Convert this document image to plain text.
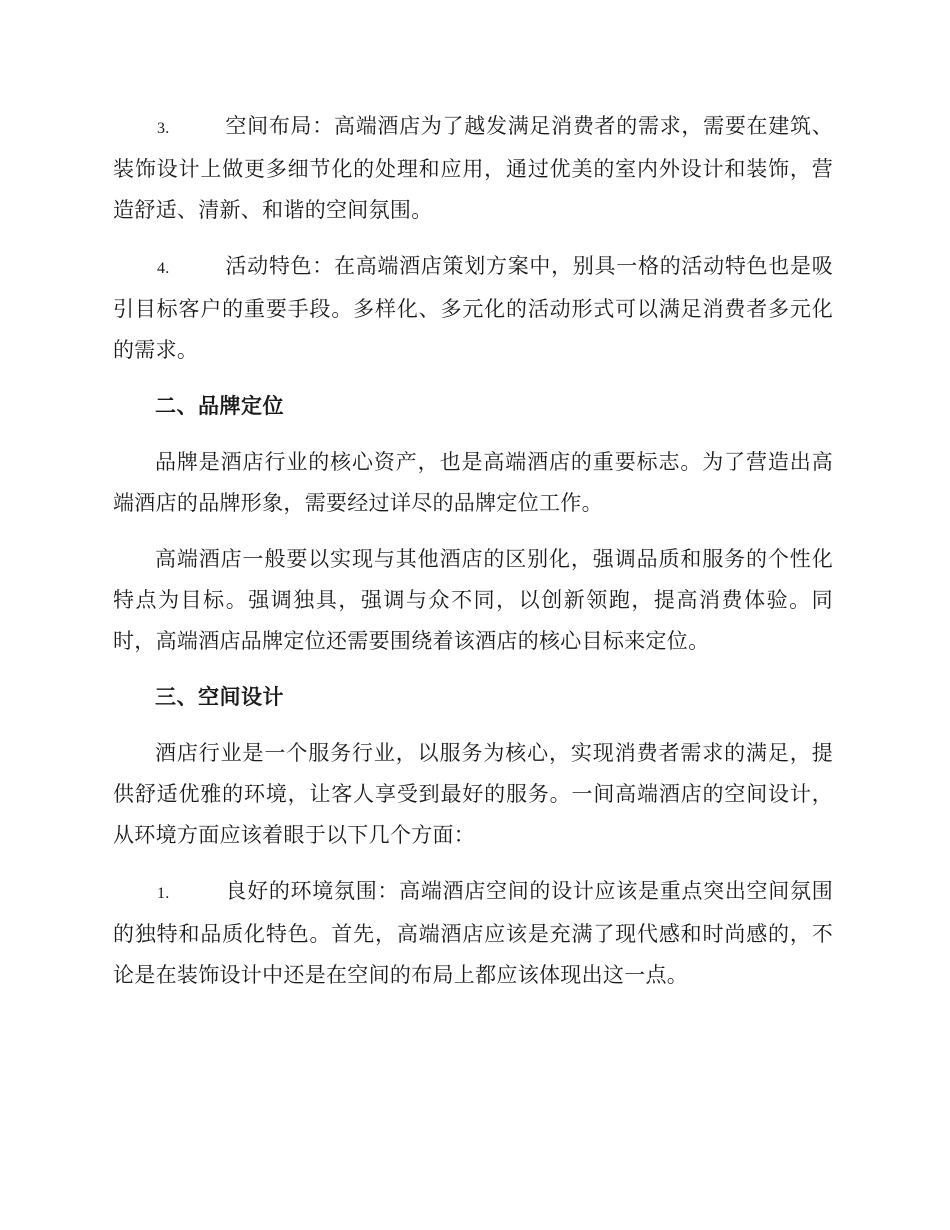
3.	空间布局：高端酒店为了越发满足消费者的需求，需要在建筑、装饰设计上做更多细节化的处理和应用，通过优美的室内外设计和装饰，营造舒适、清新、和谐的空间氛围。

4.	活动特色：在高端酒店策划方案中，别具一格的活动特色也是吸引目标客户的重要手段。多样化、多元化的活动形式可以满足消费者多元化的需求。

二、品牌定位

品牌是酒店行业的核心资产，也是高端酒店的重要标志。为了营造出高端酒店的品牌形象，需要经过详尽的品牌定位工作。

高端酒店一般要以实现与其他酒店的区别化，强调品质和服务的个性化特点为目标。强调独具，强调与众不同，以创新领跑，提高消费体验。同时，高端酒店品牌定位还需要围绕着该酒店的核心目标来定位。

三、空间设计

酒店行业是一个服务行业，以服务为核心，实现消费者需求的满足，提供舒适优雅的环境，让客人享受到最好的服务。一间高端酒店的空间设计，从环境方面应该着眼于以下几个方面：

1.	良好的环境氛围：高端酒店空间的设计应该是重点突出空间氛围的独特和品质化特色。首先，高端酒店应该是充满了现代感和时尚感的，不论是在装饰设计中还是在空间的布局上都应该体现出这一点。
